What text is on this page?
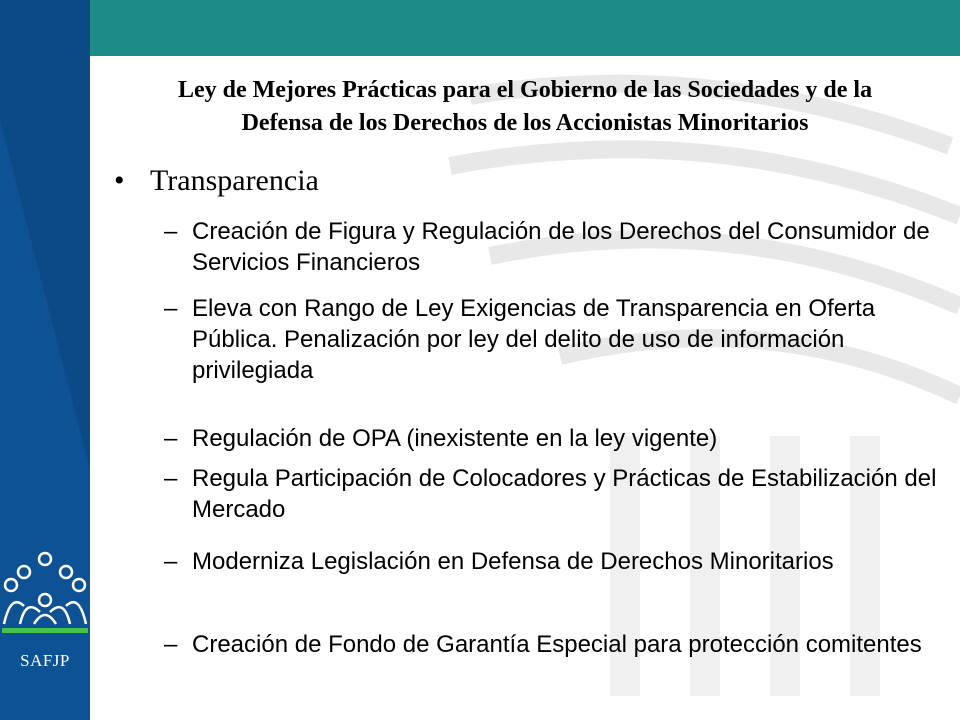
SAFJP
Ley de Mejores Prácticas para el Gobierno de las Sociedades y de la
Defensa de los Derechos de los Accionistas Minoritarios
• Transparencia
– Creación de Figura y Regulación de los Derechos del Consumidor de Servicios Financieros
– Eleva con Rango de Ley Exigencias de Transparencia en Oferta Pública. Penalización por ley del delito de uso de información privilegiada
– Regulación de OPA (inexistente en la ley vigente)
– Regula Participación de Colocadores y Prácticas de Estabilización del Mercado
– Moderniza Legislación en Defensa de Derechos Minoritarios
– Creación de Fondo de Garantía Especial para protección comitentes
